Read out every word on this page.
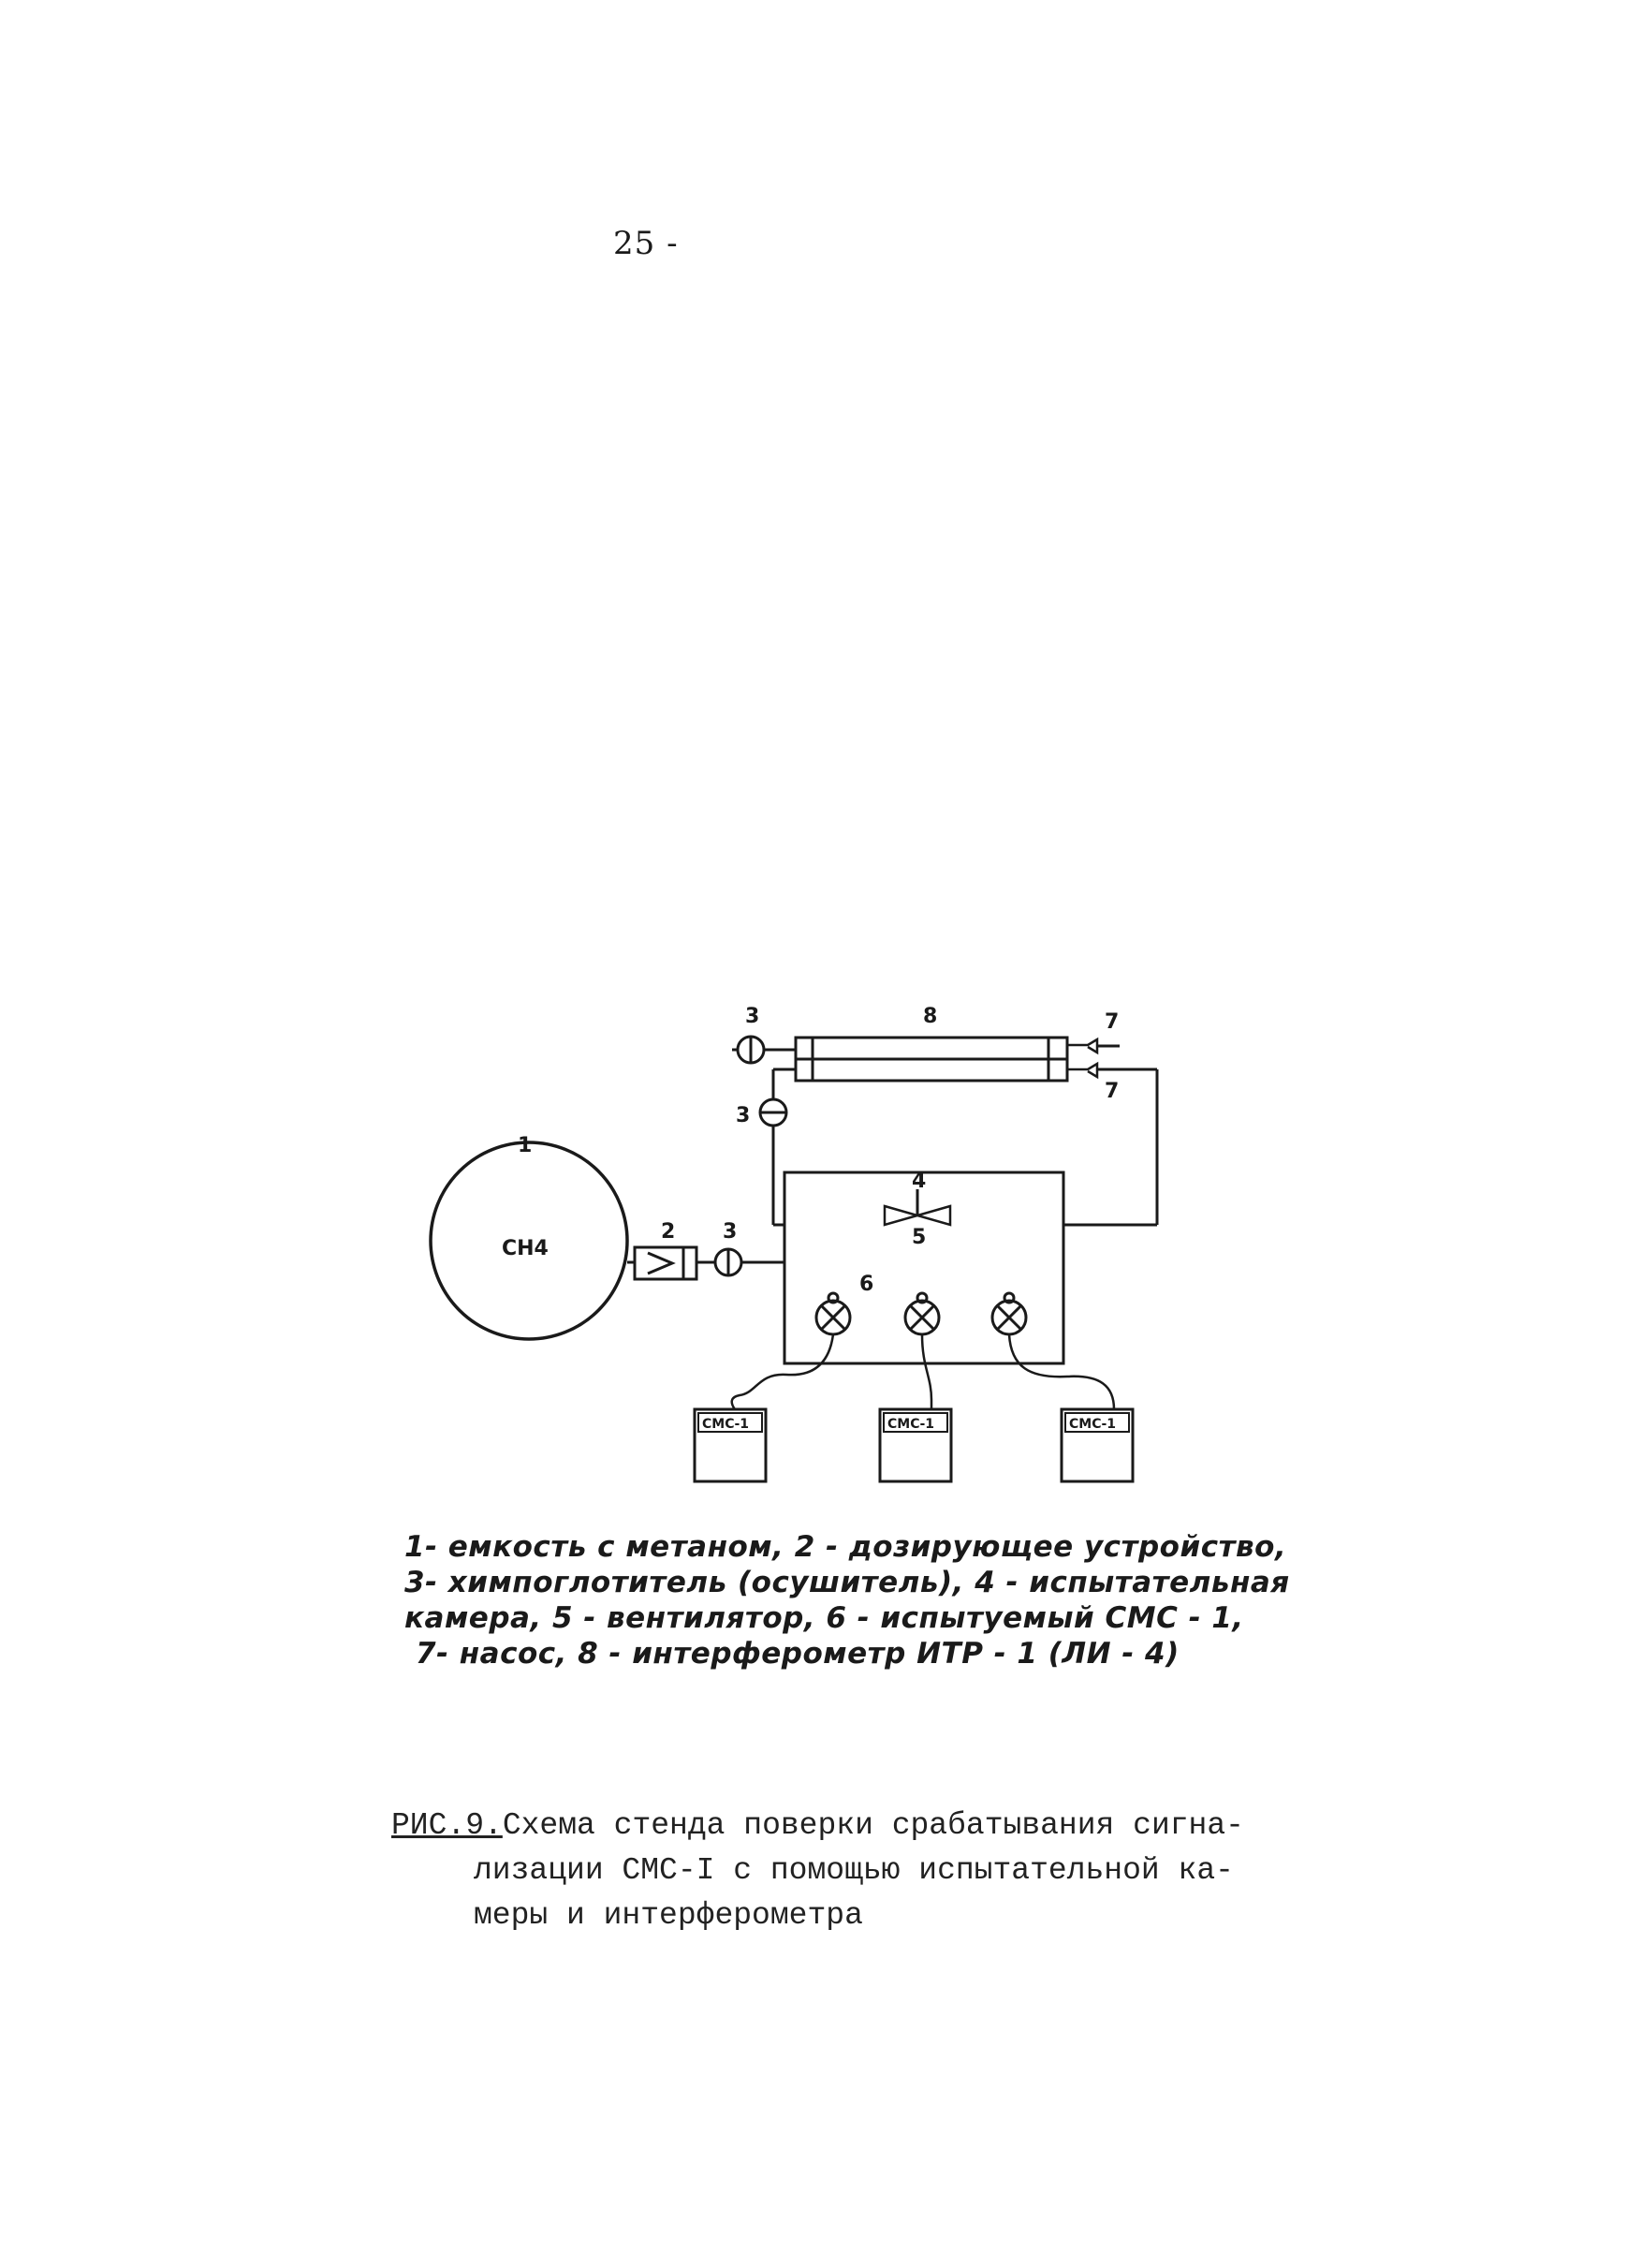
25 -
1
CH4
2 3
3
3	8	7
7
4
5
6
СМС-1	СМС-1	СМС-1
1- емкость с метаном, 2 - дозирующее устройство,
3- химпоглотитель (осушитель), 4 - испытательная
камера, 5 - вентилятор, 6 - испытуемый СМС - 1,
7- насос, 8 - интерферометр ИТР - 1 (ЛИ - 4)
РИС.9.Схема стенда поверки срабатывания сигна-
лизации СМС-I с помощью испытательной ка-
меры и интерферометра
